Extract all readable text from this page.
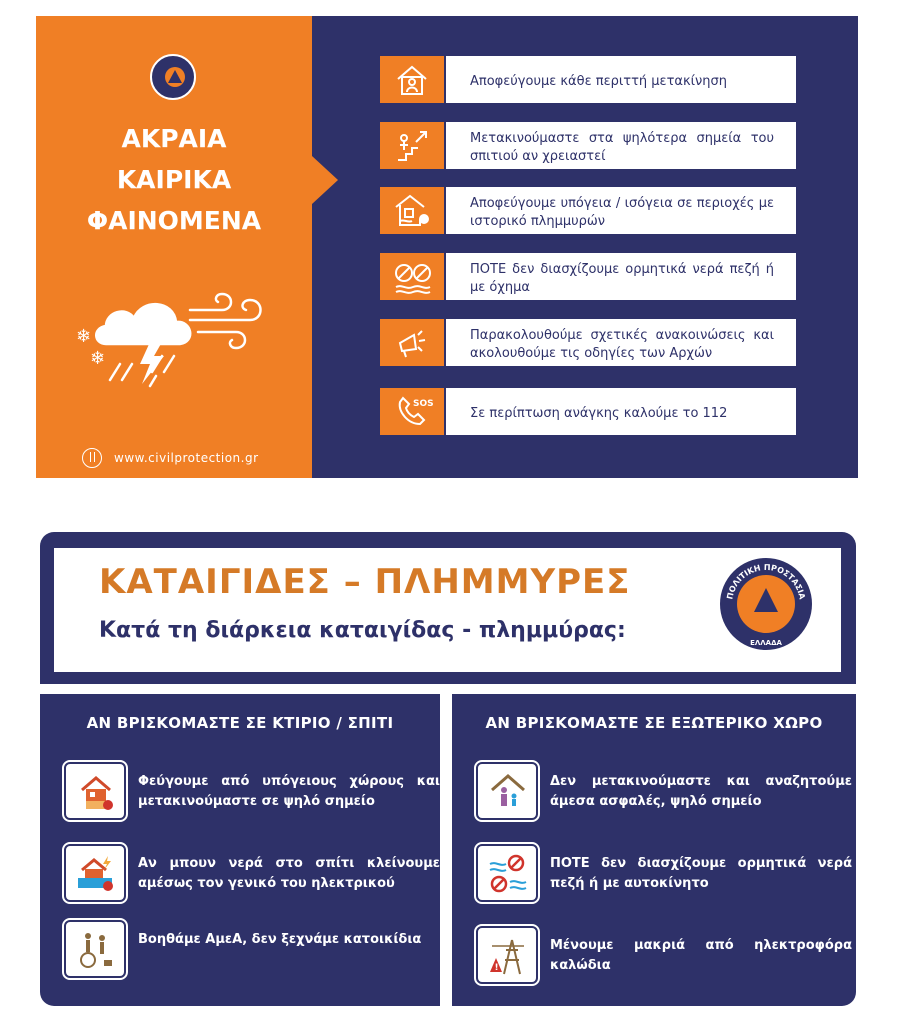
ΑΚΡΑΙΑ
ΚΑΙΡΙΚΑ
ΦΑΙΝΟΜΕΝΑ
❄
❄
www.civilprotection.gr
Αποφεύγουμε κάθε περιττή μετακίνηση
Μετακινούμαστε στα ψηλότερα σημεία του σπιτιού αν χρειαστεί
Αποφεύγουμε υπόγεια / ισόγεια σε περιοχές με ιστορικό πλημμυρών
ΠΟΤΕ δεν διασχίζουμε ορμητικά νερά πεζή ή με όχημα
Παρακολουθούμε σχετικές ανακοινώσεις και ακολουθούμε τις οδηγίες των Αρχών
SOS
Σε περίπτωση ανάγκης καλούμε το 112
ΚΑΤΑΙΓΙΔΕΣ – ΠΛΗΜΜΥΡΕΣ
Κατά τη διάρκεια καταιγίδας - πλημμύρας:
ΠΟΛΙΤΙΚΗ ΠΡΟΣΤΑΣΙΑ
ΕΛΛΑΔΑ
ΑΝ ΒΡΙΣΚΟΜΑΣΤΕ ΣΕ ΚΤΙΡΙΟ / ΣΠΙΤΙ
Φεύγουμε από υπόγειους χώρους και μετακινούμαστε σε ψηλό σημείο
Αν μπουν νερά στο σπίτι κλείνουμε αμέσως τον γενικό του ηλεκτρικού
Βοηθάμε ΑμεΑ, δεν ξεχνάμε κατοικίδια
ΑΝ ΒΡΙΣΚΟΜΑΣΤΕ ΣΕ ΕΞΩΤΕΡΙΚΟ ΧΩΡΟ
Δεν μετακινούμαστε και αναζητούμε άμεσα ασφαλές, ψηλό σημείο
ΠΟΤΕ δεν διασχίζουμε ορμητικά νερά πεζή ή με αυτοκίνητο
!
Μένουμε μακριά από ηλεκτροφόρα καλώδια
